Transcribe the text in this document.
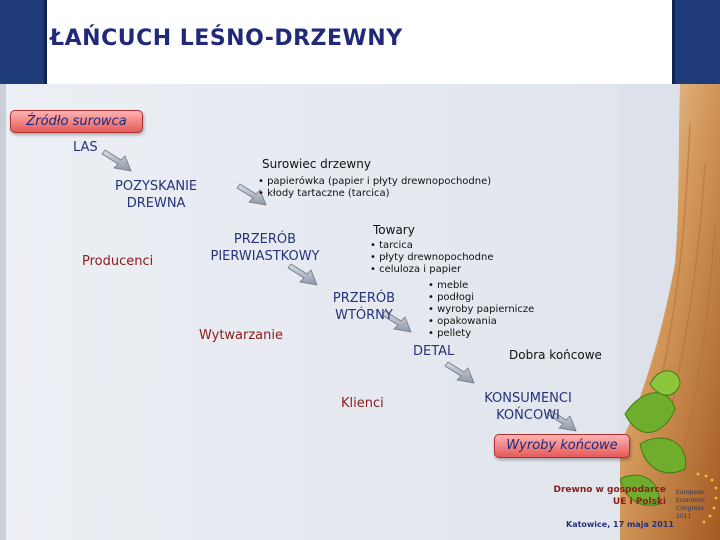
ŁAŃCUCH LEŚNO-DRZEWNY
Źródło surowca
LAS
POZYSKANIE
DREWNA
PRZERÓB
PIERWIASTKOWY
PRZERÓB
WTÓRNY
DETAL
KONSUMENCI
KOŃCOWI
Producenci
Wytwarzanie
Klienci
Surowiec drzewny
• papierówka (papier i płyty drewnopochodne)
• kłody tartaczne (tarcica)
Towary
• tarcica
• płyty drewnopochodne
• celuloza i papier
• meble
• podłogi
• wyroby papiernicze
• opakowania
• pellety
Dobra końcowe
Wyroby końcowe
Drewno w gospodarce
UE i Polski
Katowice, 17 maja 2011
European
Economic
Congress
2011
